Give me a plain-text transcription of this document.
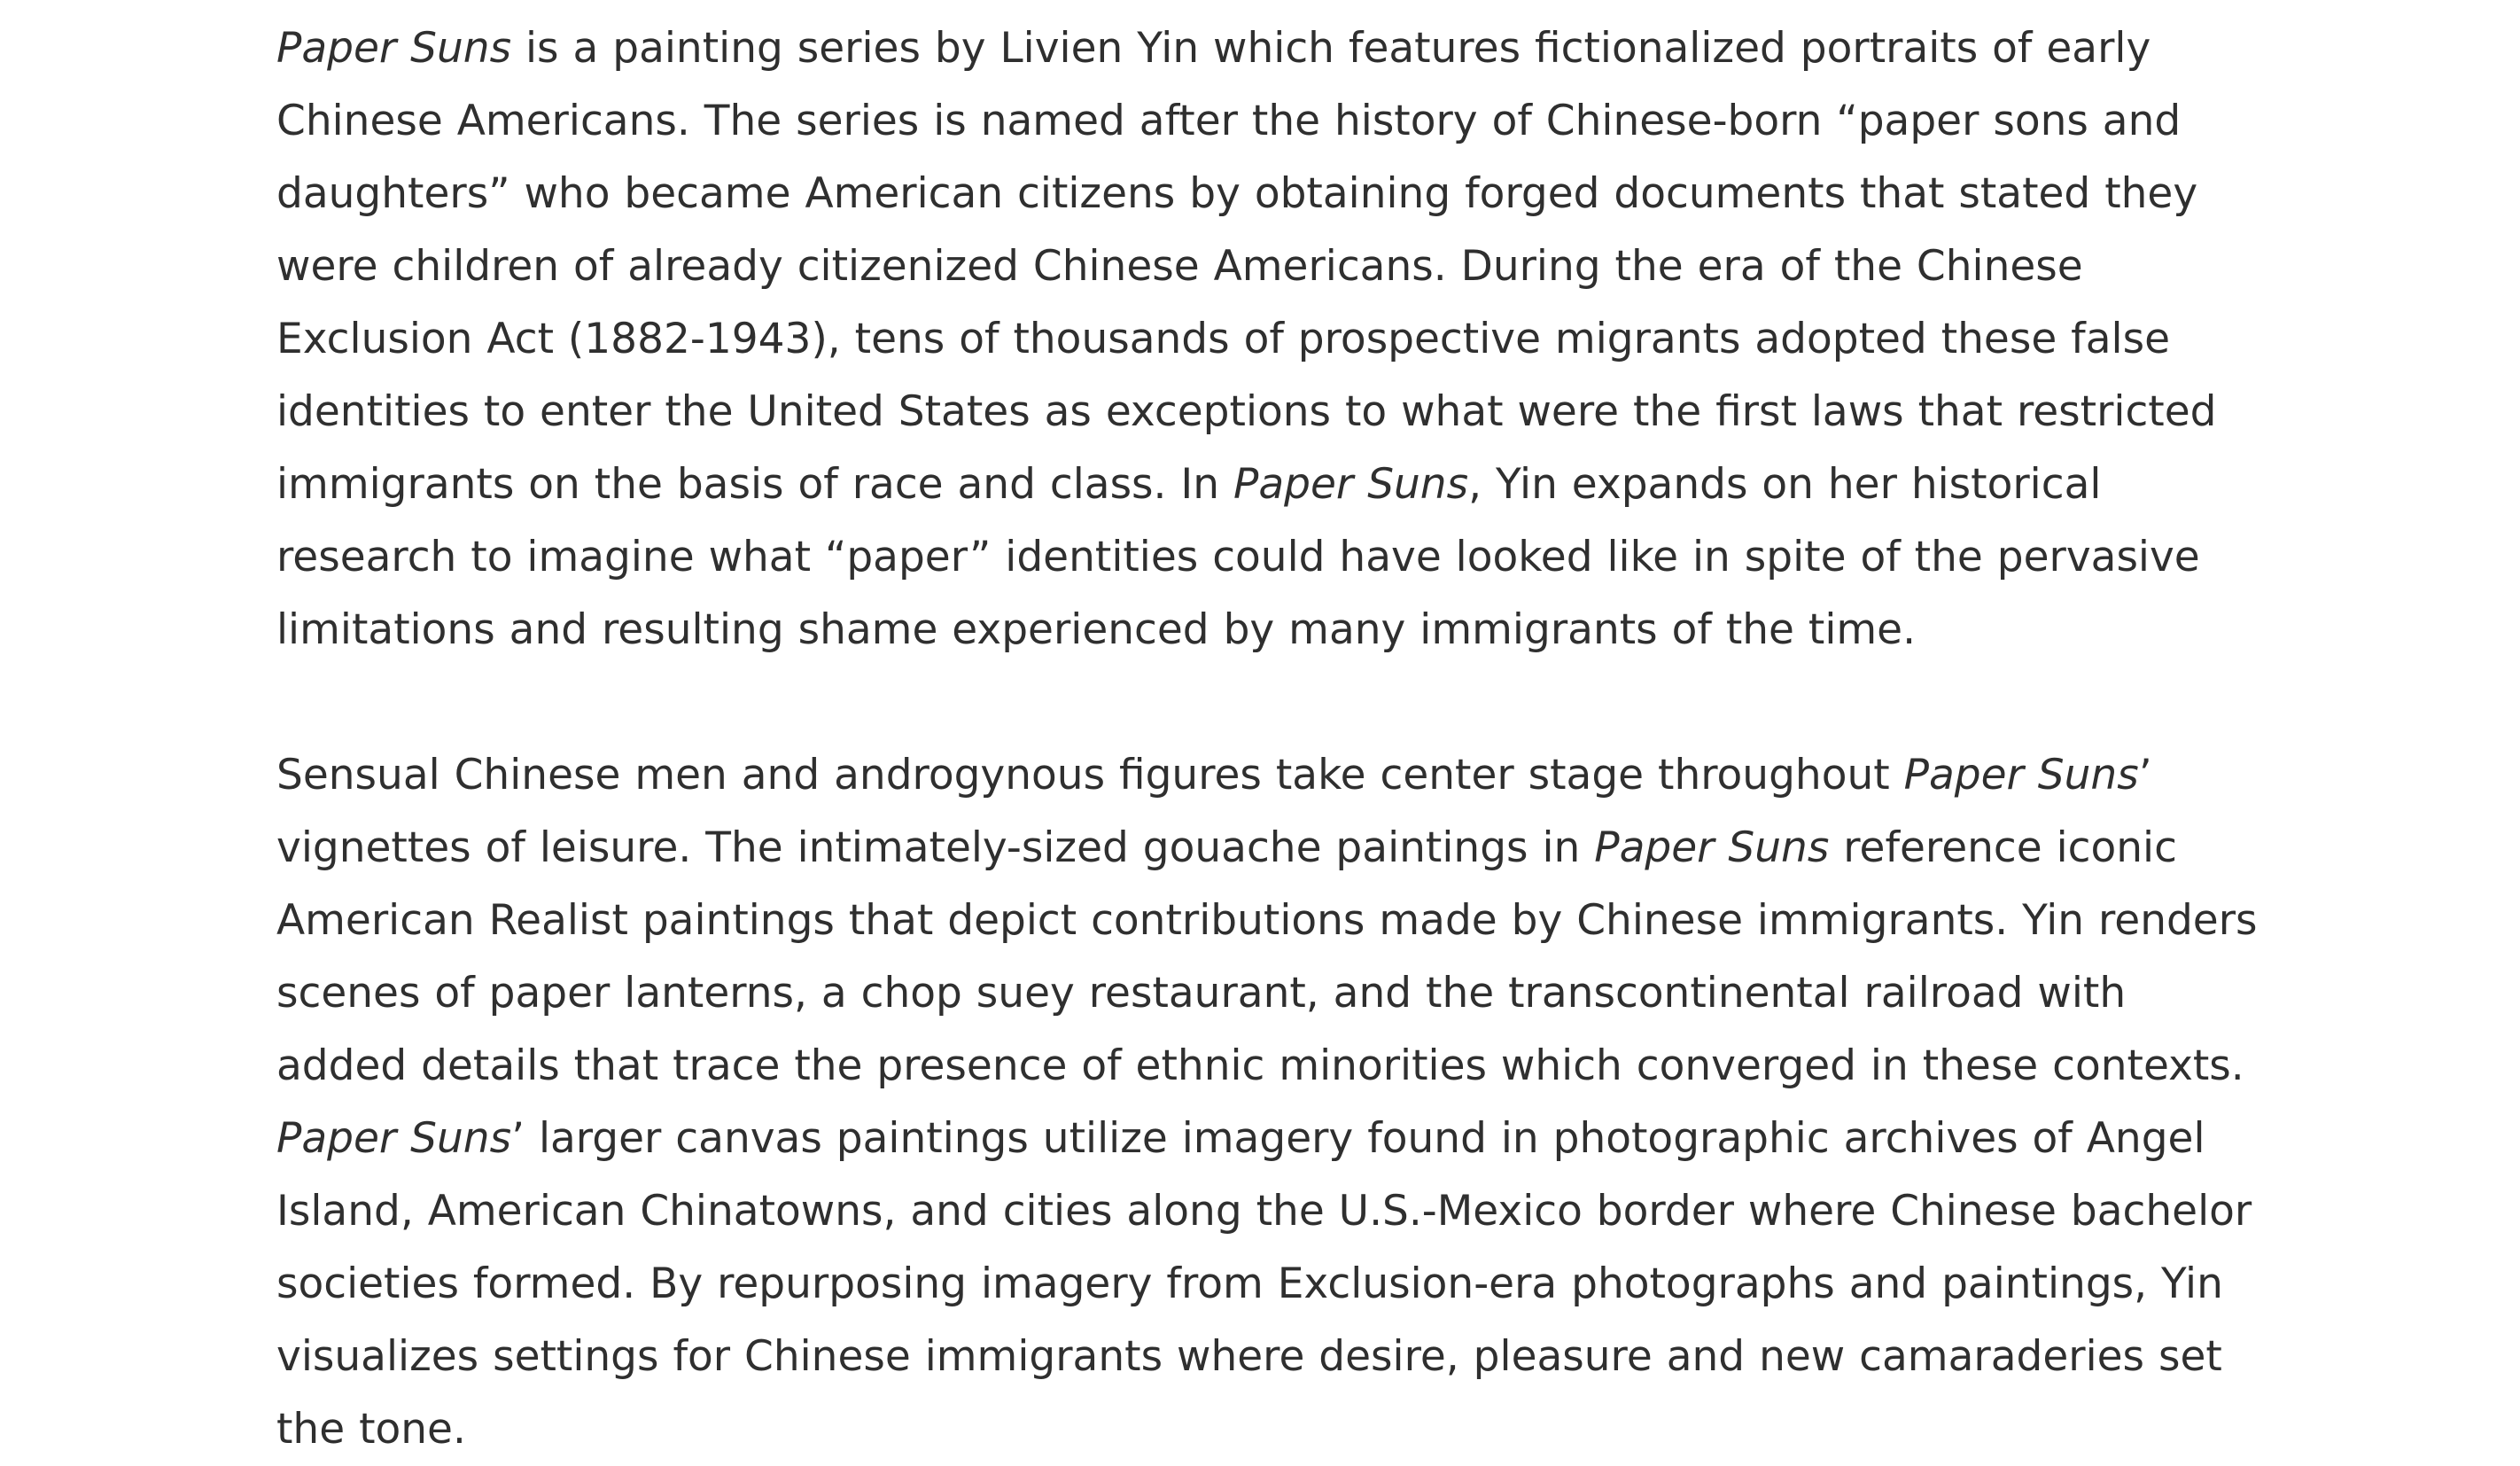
Paper Suns is a painting series by Livien Yin which features fictionalized portraits of early Chinese Americans. The series is named after the history of Chinese-born “paper sons and daughters” who became American citizens by obtaining forged documents that stated they were children of already citizenized Chinese Americans. During the era of the Chinese Exclusion Act (1882-1943), tens of thousands of prospective migrants adopted these false identities to enter the United States as exceptions to what were the first laws that restricted immigrants on the basis of race and class. In Paper Suns, Yin expands on her historical research to imagine what “paper” identities could have looked like in spite of the pervasive limitations and resulting shame experienced by many immigrants of the time.

Sensual Chinese men and androgynous figures take center stage throughout Paper Suns’ vignettes of leisure. The intimately-sized gouache paintings in Paper Suns reference iconic American Realist paintings that depict contributions made by Chinese immigrants. Yin renders scenes of paper lanterns, a chop suey restaurant, and the transcontinental railroad with added details that trace the presence of ethnic minorities which converged in these contexts. Paper Suns’ larger canvas paintings utilize imagery found in photographic archives of Angel Island, American Chinatowns, and cities along the U.S.-Mexico border where Chinese bachelor societies formed. By repurposing imagery from Exclusion-era photographs and paintings, Yin visualizes settings for Chinese immigrants where desire, pleasure and new camaraderies set the tone.
